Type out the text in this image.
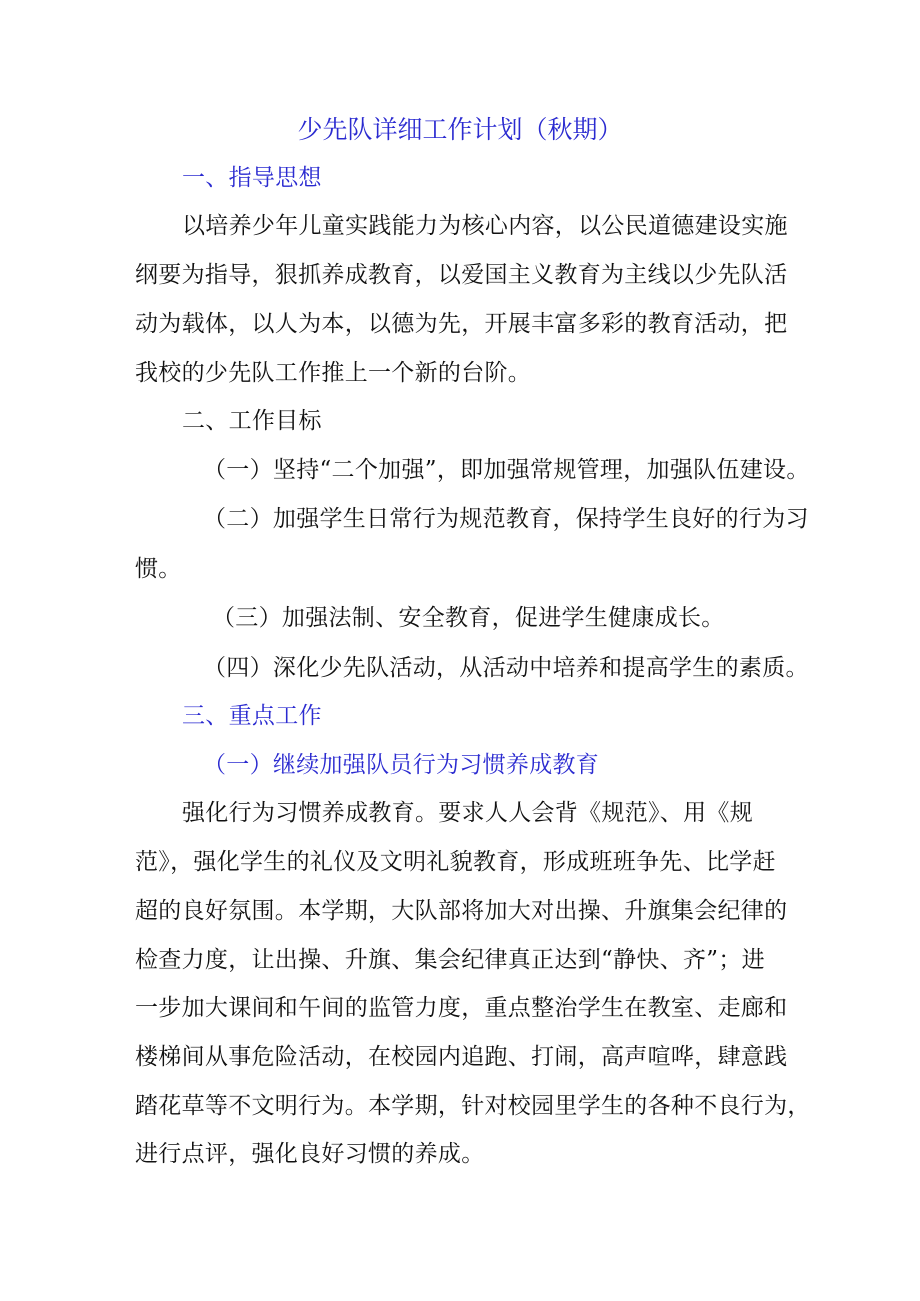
少先队详细工作计划（秋期）
一、指导思想
以培养少年儿童实践能力为核心内容，以公民道德建设实施
纲要为指导，狠抓养成教育，以爱国主义教育为主线以少先队活
动为载体，以人为本，以德为先，开展丰富多彩的教育活动，把
我校的少先队工作推上一个新的台阶。
二、工作目标
（一）坚持“二个加强”，即加强常规管理，加强队伍建设。
（二）加强学生日常行为规范教育，保持学生良好的行为习
惯。
（三）加强法制、安全教育，促进学生健康成长。
（四）深化少先队活动，从活动中培养和提高学生的素质。
三、重点工作
（一）继续加强队员行为习惯养成教育
强化行为习惯养成教育。要求人人会背《规范》、用《规
范》，强化学生的礼仪及文明礼貌教育，形成班班争先、比学赶
超的良好氛围。本学期，大队部将加大对出操、升旗集会纪律的
检查力度，让出操、升旗、集会纪律真正达到“静快、齐”；进
一步加大课间和午间的监管力度，重点整治学生在教室、走廊和
楼梯间从事危险活动，在校园内追跑、打闹，高声喧哗，肆意践
踏花草等不文明行为。本学期，针对校园里学生的各种不良行为，
进行点评，强化良好习惯的养成。
